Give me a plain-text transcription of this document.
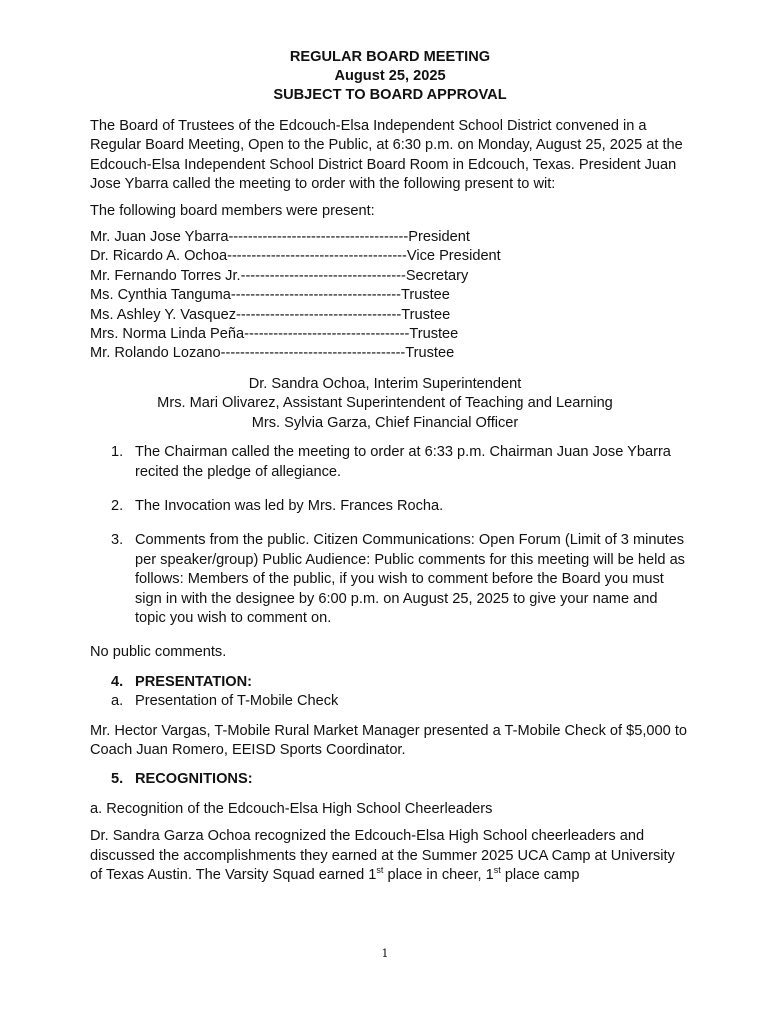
REGULAR BOARD MEETING
August 25, 2025
SUBJECT TO BOARD APPROVAL

The Board of Trustees of the Edcouch-Elsa Independent School District convened in a Regular Board Meeting, Open to the Public, at 6:30 p.m. on Monday, August 25, 2025 at the Edcouch-Elsa Independent School District Board Room in Edcouch, Texas. President Juan Jose Ybarra called the meeting to order with the following present to wit:

The following board members were present:

Mr. Juan Jose Ybarra-------------------------------------President
Dr. Ricardo A. Ochoa-------------------------------------Vice President
Mr. Fernando Torres Jr.----------------------------------Secretary
Ms. Cynthia Tanguma-----------------------------------Trustee
Ms. Ashley Y. Vasquez----------------------------------Trustee
Mrs. Norma Linda Peña----------------------------------Trustee
Mr. Rolando Lozano--------------------------------------Trustee
Dr. Sandra Ochoa, Interim Superintendent
Mrs. Mari Olivarez, Assistant Superintendent of Teaching and Learning
Mrs. Sylvia Garza, Chief Financial Officer
1. The Chairman called the meeting to order at 6:33 p.m. Chairman Juan Jose Ybarra recited the pledge of allegiance.
2. The Invocation was led by Mrs. Frances Rocha.
3. Comments from the public. Citizen Communications: Open Forum (Limit of 3 minutes per speaker/group) Public Audience: Public comments for this meeting will be held as follows: Members of the public, if you wish to comment before the Board you must sign in with the designee by 6:00 p.m. on August 25, 2025 to give your name and topic you wish to comment on.

No public comments.

4. PRESENTATION:
a. Presentation of T-Mobile Check

Mr. Hector Vargas, T-Mobile Rural Market Manager presented a T-Mobile Check of $5,000 to Coach Juan Romero, EEISD Sports Coordinator.

5. RECOGNITIONS:

a. Recognition of the Edcouch-Elsa High School Cheerleaders

Dr. Sandra Garza Ochoa recognized the Edcouch-Elsa High School cheerleaders and discussed the accomplishments they earned at the Summer 2025 UCA Camp at University of Texas Austin. The Varsity Squad earned 1st place in cheer, 1st place camp

1
